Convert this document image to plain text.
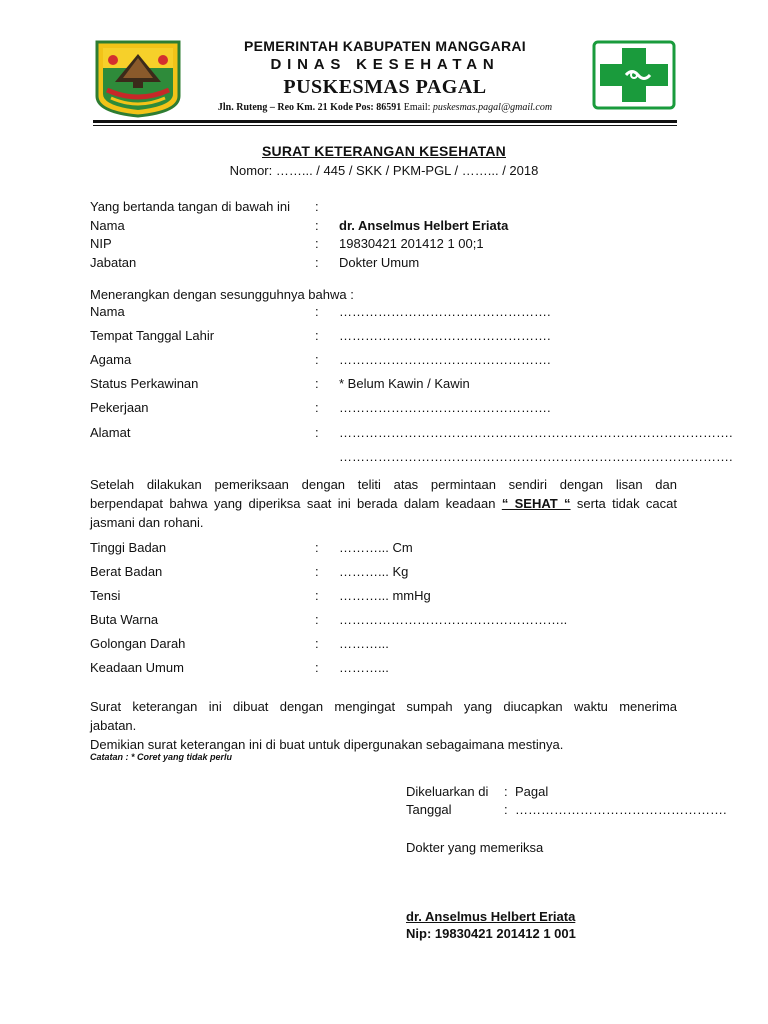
PEMERINTAH KABUPATEN MANGGARAI
DINAS KESEHATAN
PUSKESMAS PAGAL
Jln. Ruteng – Reo Km. 21 Kode Pos: 86591 Email: puskesmas.pagal@gmail.com
SURAT KETERANGAN KESEHATAN
Nomor: ……... / 445 / SKK / PKM-PGL / ……... / 2018
Yang bertanda tangan di bawah ini :
Nama	: dr. Anselmus Helbert Eriata
NIP	: 19830421 201412 1 00;1
Jabatan	: Dokter Umum
Menerangkan dengan sesungguhnya bahwa :
Nama	: ………………………………………….
Tempat Tanggal Lahir	: ………………………………………….
Agama	: ………………………………………….
Status Perkawinan	: * Belum Kawin / Kawin
Pekerjaan	: ………………………………………….
Alamat	: ……………………………………………………………………………….
……………………………………………………………………………….
Setelah dilakukan pemeriksaan dengan teliti atas permintaan sendiri dengan lisan dan
berpendapat bahwa yang diperiksa saat ini berada dalam keadaan “ SEHAT “ serta tidak cacat
jasmani dan rohani.
Tinggi Badan	: ………... Cm
Berat Badan	: ………... Kg
Tensi	: ………... mmHg
Buta Warna	: ……………………………………………..
Golongan Darah	: ………...
Keadaan Umum	: ………...
Surat keterangan ini dibuat dengan mengingat sumpah yang diucapkan waktu menerima
jabatan.
Demikian surat keterangan ini di buat untuk dipergunakan sebagaimana mestinya.
Catatan : * Coret yang tidak perlu
Dikeluarkan di : Pagal
Tanggal	: ………………………………………….
Dokter yang memeriksa
dr. Anselmus Helbert Eriata
Nip: 19830421 201412 1 001
